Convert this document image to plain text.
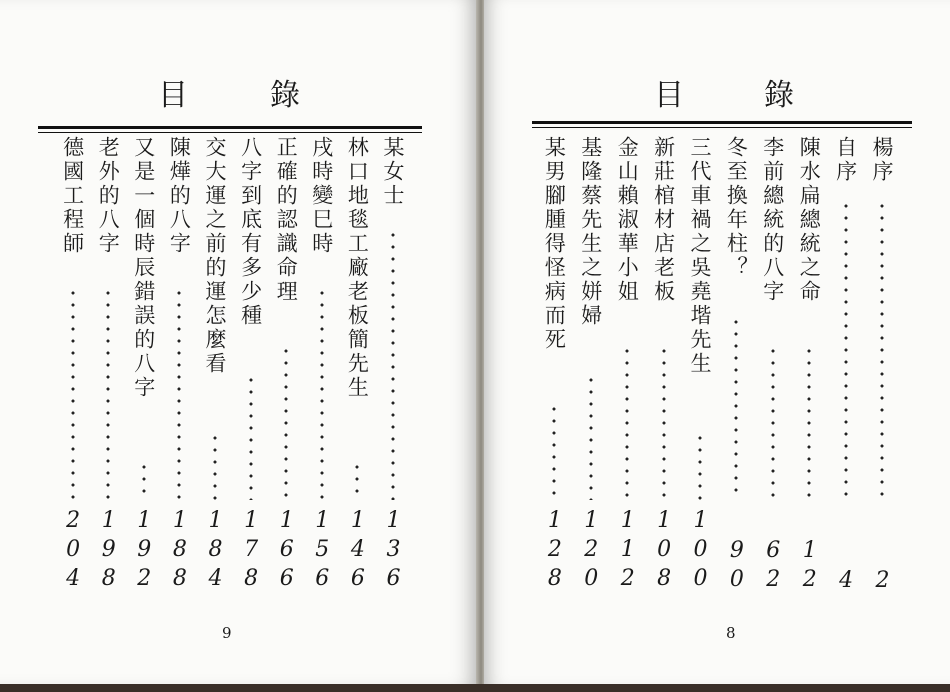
目	錄
某女士
136
林口地毯工廠老板簡先生
146
戌時變巳時
156
正確的認識命理
166
八字到底有多少種
178
交大運之前的運怎麼看
184
陳燁的八字
188
又是一個時辰錯誤的八字
192
老外的八字
198
德國工程師
204
9
目	錄
楊序
2
自序
4
陳水扁總統之命
12
李前總統的八字
62
冬至換年柱？
90
三代車禍之吳堯堦先生
100
新莊棺材店老板
108
金山賴淑華小姐
112
基隆蔡先生之姘婦
120
某男腳腫得怪病而死
128
8
